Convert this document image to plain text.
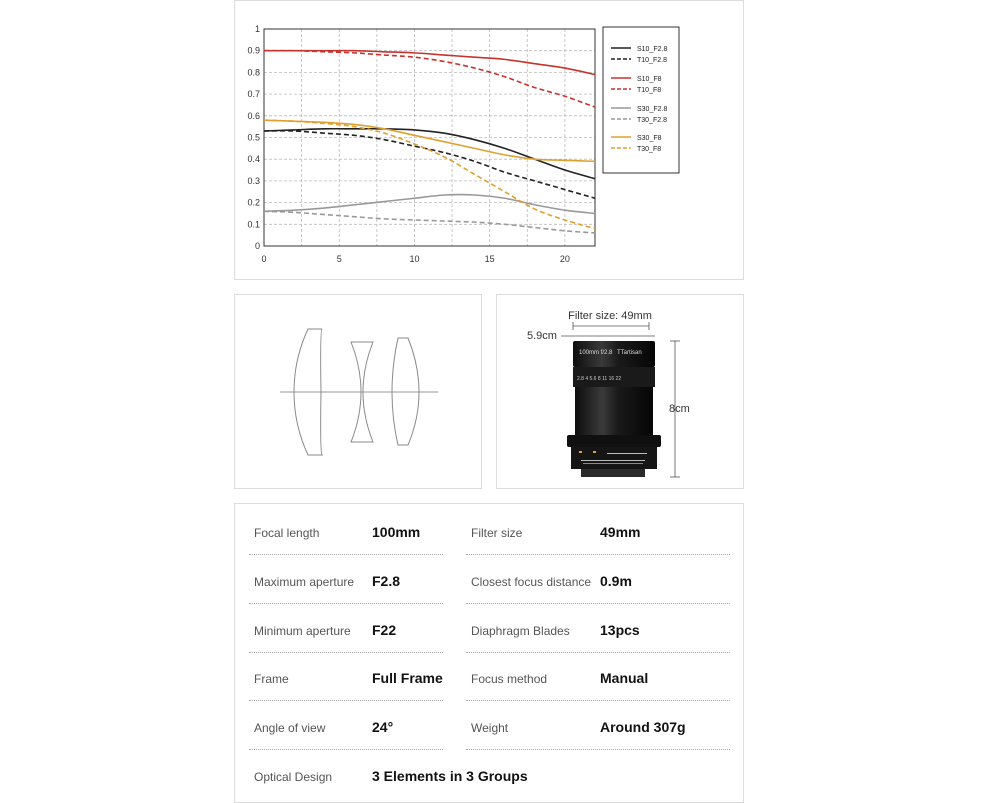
0
0.1
0.2
0.3
0.4
0.5
0.6
0.7
0.8
0.9
1
0	5	10	15	20
S10_F2.8
T10_F2.8
S10_F8
T10_F8
S30_F2.8
T30_F2.8
S30_F8
T30_F8
Filter size: 49mm
5.9cm
8cm
100mm f/2.8 TTartisan
2.8 4 5.6 8 11 16 22
Focal length	100mm	Filter size	49mm
Maximum aperture F2.8	Closest focus distance 0.9m
Minimum aperture F22	Diaphragm Blades 13pcs
Frame	Full Frame Focus method	Manual
Angle of view	24°	Weight	Around 307g
Optical Design	3 Elements in 3 Groups
